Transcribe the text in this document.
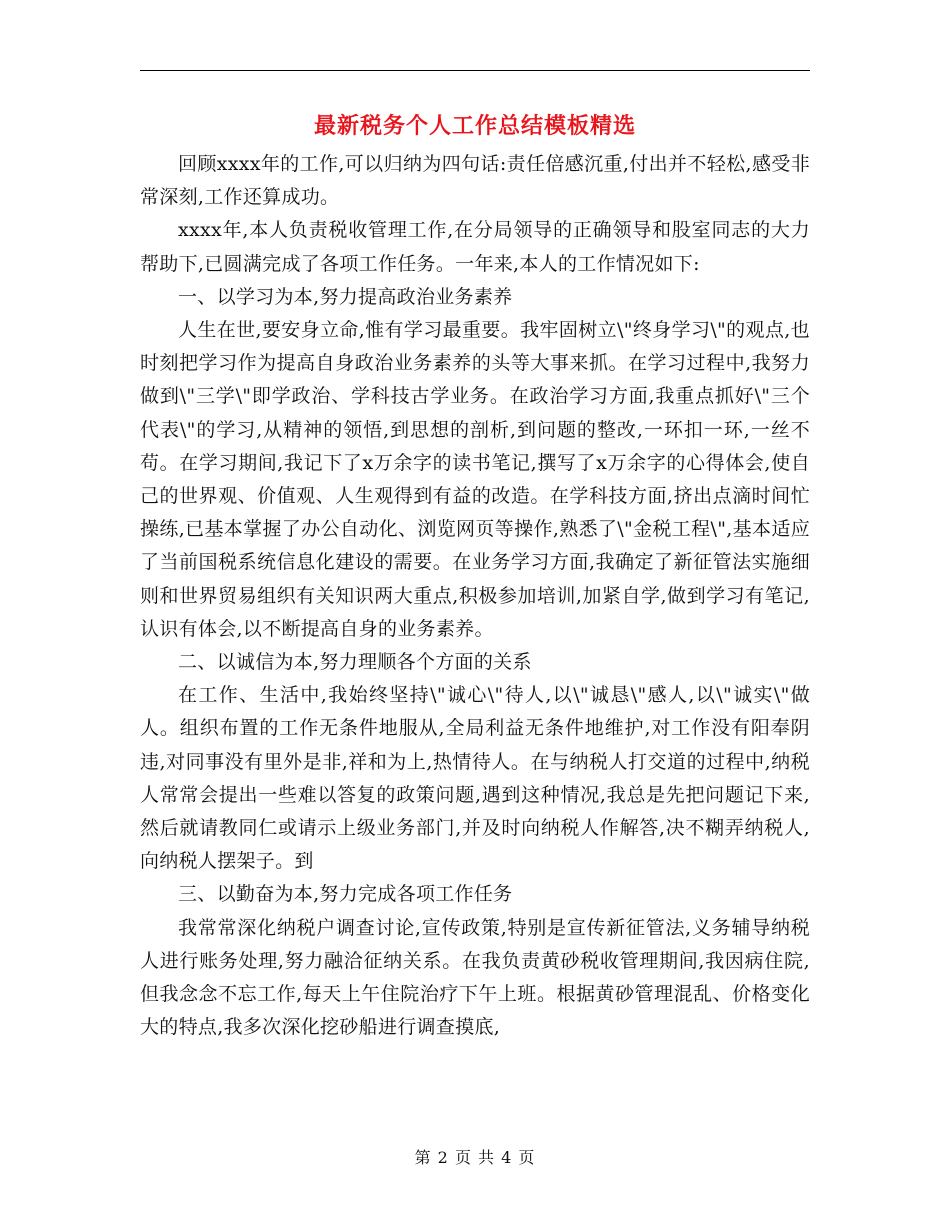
最新税务个人工作总结模板精选

回顾xxxx年的工作,可以归纳为四句话:责任倍感沉重,付出并不轻松,感受非常深刻,工作还算成功。

xxxx年,本人负责税收管理工作,在分局领导的正确领导和股室同志的大力帮助下,已圆满完成了各项工作任务。一年来,本人的工作情况如下:

一、以学习为本,努力提高政治业务素养

人生在世,要安身立命,惟有学习最重要。我牢固树立\"终身学习\"的观点,也时刻把学习作为提高自身政治业务素养的头等大事来抓。在学习过程中,我努力做到\"三学\"即学政治、学科技古学业务。在政治学习方面,我重点抓好\"三个代表\"的学习,从精神的领悟,到思想的剖析,到问题的整改,一环扣一环,一丝不苟。在学习期间,我记下了x万余字的读书笔记,撰写了x万余字的心得体会,使自己的世界观、价值观、人生观得到有益的改造。在学科技方面,挤出点滴时间忙操练,已基本掌握了办公自动化、浏览网页等操作,熟悉了\"金税工程\",基本适应了当前国税系统信息化建设的需要。在业务学习方面,我确定了新征管法实施细则和世界贸易组织有关知识两大重点,积极参加培训,加紧自学,做到学习有笔记,认识有体会,以不断提高自身的业务素养。

二、以诚信为本,努力理顺各个方面的关系

在工作、生活中,我始终坚持\"诚心\"待人,以\"诚恳\"感人,以\"诚实\"做人。组织布置的工作无条件地服从,全局利益无条件地维护,对工作没有阳奉阴违,对同事没有里外是非,祥和为上,热情待人。在与纳税人打交道的过程中,纳税人常常会提出一些难以答复的政策问题,遇到这种情况,我总是先把问题记下来,然后就请教同仁或请示上级业务部门,并及时向纳税人作解答,决不糊弄纳税人,向纳税人摆架子。到

三、以勤奋为本,努力完成各项工作任务

我常常深化纳税户调查讨论,宣传政策,特别是宣传新征管法,义务辅导纳税人进行账务处理,努力融洽征纳关系。在我负责黄砂税收管理期间,我因病住院,但我念念不忘工作,每天上午住院治疗下午上班。根据黄砂管理混乱、价格变化大的特点,我多次深化挖砂船进行调查摸底,

第 2 页 共 4 页
